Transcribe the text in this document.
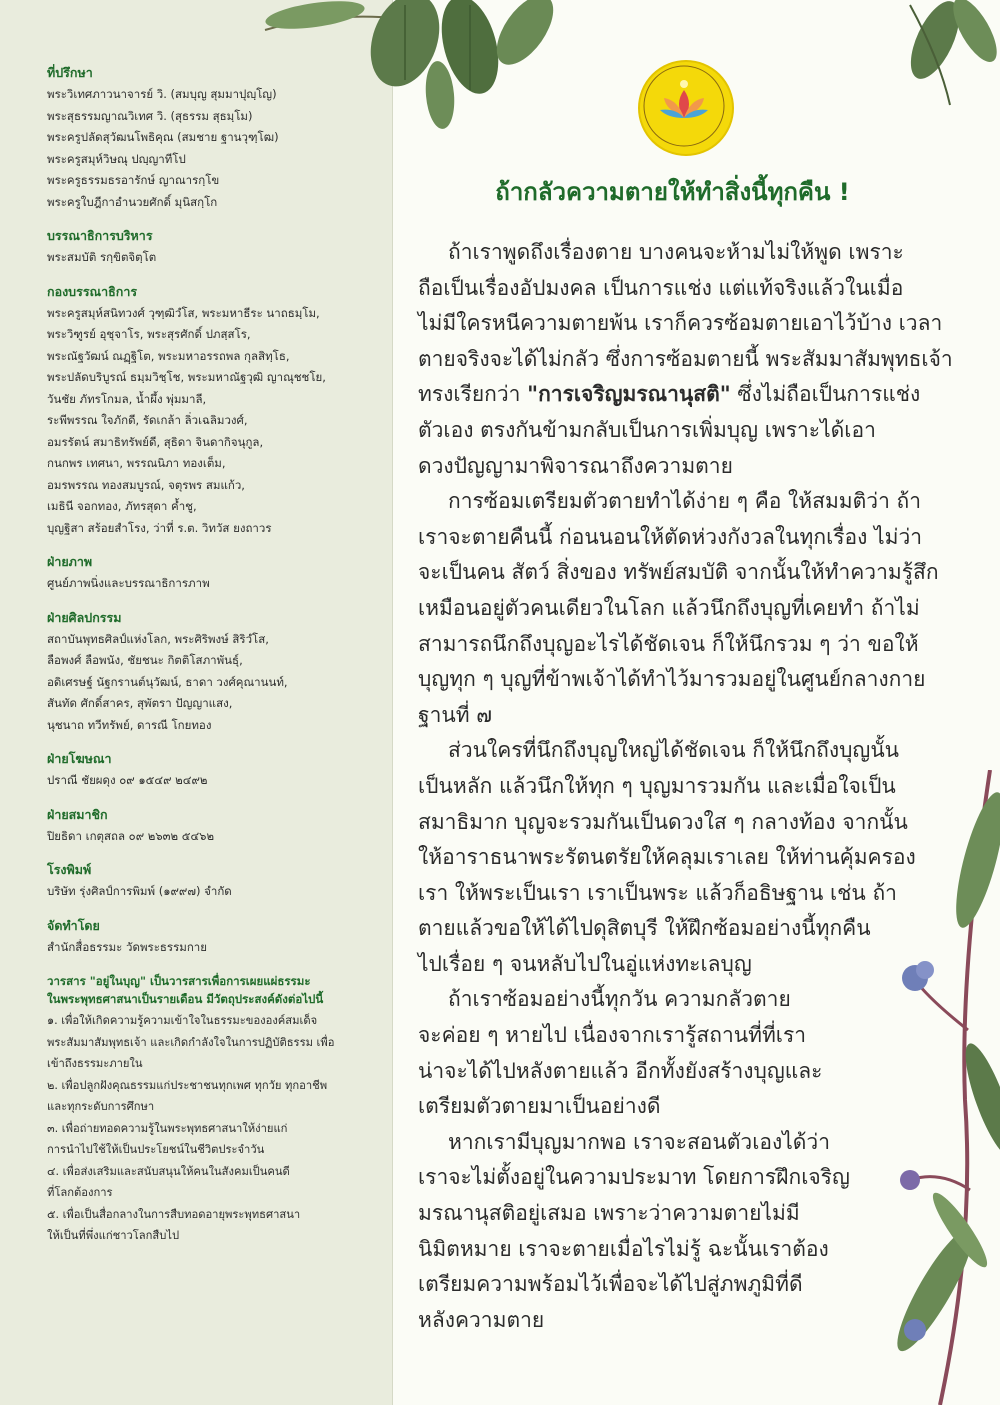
ที่ปรึกษา
พระวิเทศภาวนาจารย์ วิ. (สมบุญ สุมมาปุญฺโญ)
พระสุธรรมญาณวิเทศ วิ. (สุธรรม สุธมฺโม)
พระครูปลัดสุวัฒนโพธิคุณ (สมชาย ฐานวุฑฺโฒ)
พระครูสมุห์วิษณุ ปญฺญาทีโป
พระครูธรรมธรอารักษ์ ญาณารกฺโข
พระครูใบฎีกาอำนวยศักดิ์ มุนิสกฺโก
บรรณาธิการบริหาร
พระสมบัติ รกฺขิตจิตฺโต
กองบรรณาธิการ
พระครูสมุห์สนิทวงศ์ วุฑฺฒิวํโส, พระมหาธีระ นาถธมฺโม,
พระวิฑูรย์ อุชุจาโร, พระสุรศักดิ์ ปภสฺสโร,
พระณัฐวัฒน์ ณฏฺฐิโต, พระมหาอรรถพล กุลสิทฺโธ,
พระปลัดบริบูรณ์ ธมฺมวิชฺโช, พระมหาณัฐวุฒิ ญาณุชชโย,
วันชัย ภัทรโกมล, น้ำผึ้ง พุ่มมาลี,
ระพีพรรณ ใจภักดี, รัดเกล้า ลิ่วเฉลิมวงศ์,
อมรรัตน์ สมาธิทรัพย์ดี, สุธิดา จินดากิจนุกูล,
กนกพร เทศนา, พรรณนิภา ทองเต็ม,
อมรพรรณ ทองสมบูรณ์, จตุรพร สมแก้ว,
เมธินี จอกทอง, ภัทรสุดา ค้ำชู,
บุญฐิสา สร้อยสำโรง, ว่าที่ ร.ต. วิทวัส ยงถาวร
ฝ่ายภาพ
ศูนย์ภาพนิ่งและบรรณาธิการภาพ
ฝ่ายศิลปกรรม
สถาบันพุทธศิลป์แห่งโลก, พระศิริพงษ์ สิริวํโส,
ลือพงศ์ ลือพนัง, ชัยชนะ กิตติโสภาพันธุ์,
อดิเศรษฐ์ นัฐกรานต์นุวัฒน์, ธาดา วงศ์คุณานนท์,
สันทัด ศักดิ์สาคร, สุพัตรา ปัญญาแสง,
นุชนาถ ทวีทรัพย์, ดารณี โกยทอง
ฝ่ายโฆษณา
ปราณี ชัยผดุง ๐๙ ๑๕๔๙ ๒๔๙๒
ฝ่ายสมาชิก
ปิยธิดา เกตุสถล ๐๙ ๒๖๓๒ ๕๔๖๒
โรงพิมพ์
บริษัท รุ่งศิลป์การพิมพ์ (๑๙๙๗) จำกัด
จัดทำโดย
สำนักสื่อธรรมะ วัดพระธรรมกาย
วารสาร "อยู่ในบุญ" เป็นวารสารเพื่อการเผยแผ่ธรรมะ
ในพระพุทธศาสนาเป็นรายเดือน มีวัตถุประสงค์ดังต่อไปนี้
๑. เพื่อให้เกิดความรู้ความเข้าใจในธรรมะขององค์สมเด็จ
พระสัมมาสัมพุทธเจ้า และเกิดกำลังใจในการปฏิบัติธรรม เพื่อ
เข้าถึงธรรมะภายใน
๒. เพื่อปลูกฝังคุณธรรมแก่ประชาชนทุกเพศ ทุกวัย ทุกอาชีพ
และทุกระดับการศึกษา
๓. เพื่อถ่ายทอดความรู้ในพระพุทธศาสนาให้ง่ายแก่
การนำไปใช้ให้เป็นประโยชน์ในชีวิตประจำวัน
๔. เพื่อส่งเสริมและสนับสนุนให้คนในสังคมเป็นคนดี
ที่โลกต้องการ
๕. เพื่อเป็นสื่อกลางในการสืบทอดอายุพระพุทธศาสนา
ให้เป็นที่พึ่งแก่ชาวโลกสืบไป
ถ้ากลัวความตายให้ทำสิ่งนี้ทุกคืน !
ถ้าเราพูดถึงเรื่องตาย บางคนจะห้ามไม่ให้พูด เพราะ
ถือเป็นเรื่องอัปมงคล เป็นการแช่ง แต่แท้จริงแล้วในเมื่อ
ไม่มีใครหนีความตายพ้น เราก็ควรซ้อมตายเอาไว้บ้าง เวลา
ตายจริงจะได้ไม่กลัว ซึ่งการซ้อมตายนี้ พระสัมมาสัมพุทธเจ้า
ทรงเรียกว่า "การเจริญมรณานุสติ" ซึ่งไม่ถือเป็นการแช่ง
ตัวเอง ตรงกันข้ามกลับเป็นการเพิ่มบุญ เพราะได้เอา
ดวงปัญญามาพิจารณาถึงความตาย
การซ้อมเตรียมตัวตายทำได้ง่าย ๆ คือ ให้สมมติว่า ถ้า
เราจะตายคืนนี้ ก่อนนอนให้ตัดห่วงกังวลในทุกเรื่อง ไม่ว่า
จะเป็นคน สัตว์ สิ่งของ ทรัพย์สมบัติ จากนั้นให้ทำความรู้สึก
เหมือนอยู่ตัวคนเดียวในโลก แล้วนึกถึงบุญที่เคยทำ ถ้าไม่
สามารถนึกถึงบุญอะไรได้ชัดเจน ก็ให้นึกรวม ๆ ว่า ขอให้
บุญทุก ๆ บุญที่ข้าพเจ้าได้ทำไว้มารวมอยู่ในศูนย์กลางกาย
ฐานที่ ๗
ส่วนใครที่นึกถึงบุญใหญ่ได้ชัดเจน ก็ให้นึกถึงบุญนั้น
เป็นหลัก แล้วนึกให้ทุก ๆ บุญมารวมกัน และเมื่อใจเป็น
สมาธิมาก บุญจะรวมกันเป็นดวงใส ๆ กลางท้อง จากนั้น
ให้อาราธนาพระรัตนตรัยให้คลุมเราเลย ให้ท่านคุ้มครอง
เรา ให้พระเป็นเรา เราเป็นพระ แล้วก็อธิษฐาน เช่น ถ้า
ตายแล้วขอให้ได้ไปดุสิตบุรี ให้ฝึกซ้อมอย่างนี้ทุกคืน
ไปเรื่อย ๆ จนหลับไปในอู่แห่งทะเลบุญ
ถ้าเราซ้อมอย่างนี้ทุกวัน ความกลัวตาย
จะค่อย ๆ หายไป เนื่องจากเรารู้สถานที่ที่เรา
น่าจะได้ไปหลังตายแล้ว อีกทั้งยังสร้างบุญและ
เตรียมตัวตายมาเป็นอย่างดี
หากเรามีบุญมากพอ เราจะสอนตัวเองได้ว่า
เราจะไม่ตั้งอยู่ในความประมาท โดยการฝึกเจริญ
มรณานุสติอยู่เสมอ เพราะว่าความตายไม่มี
นิมิตหมาย เราจะตายเมื่อไรไม่รู้ ฉะนั้นเราต้อง
เตรียมความพร้อมไว้เพื่อจะได้ไปสู่ภพภูมิที่ดี
หลังความตาย
